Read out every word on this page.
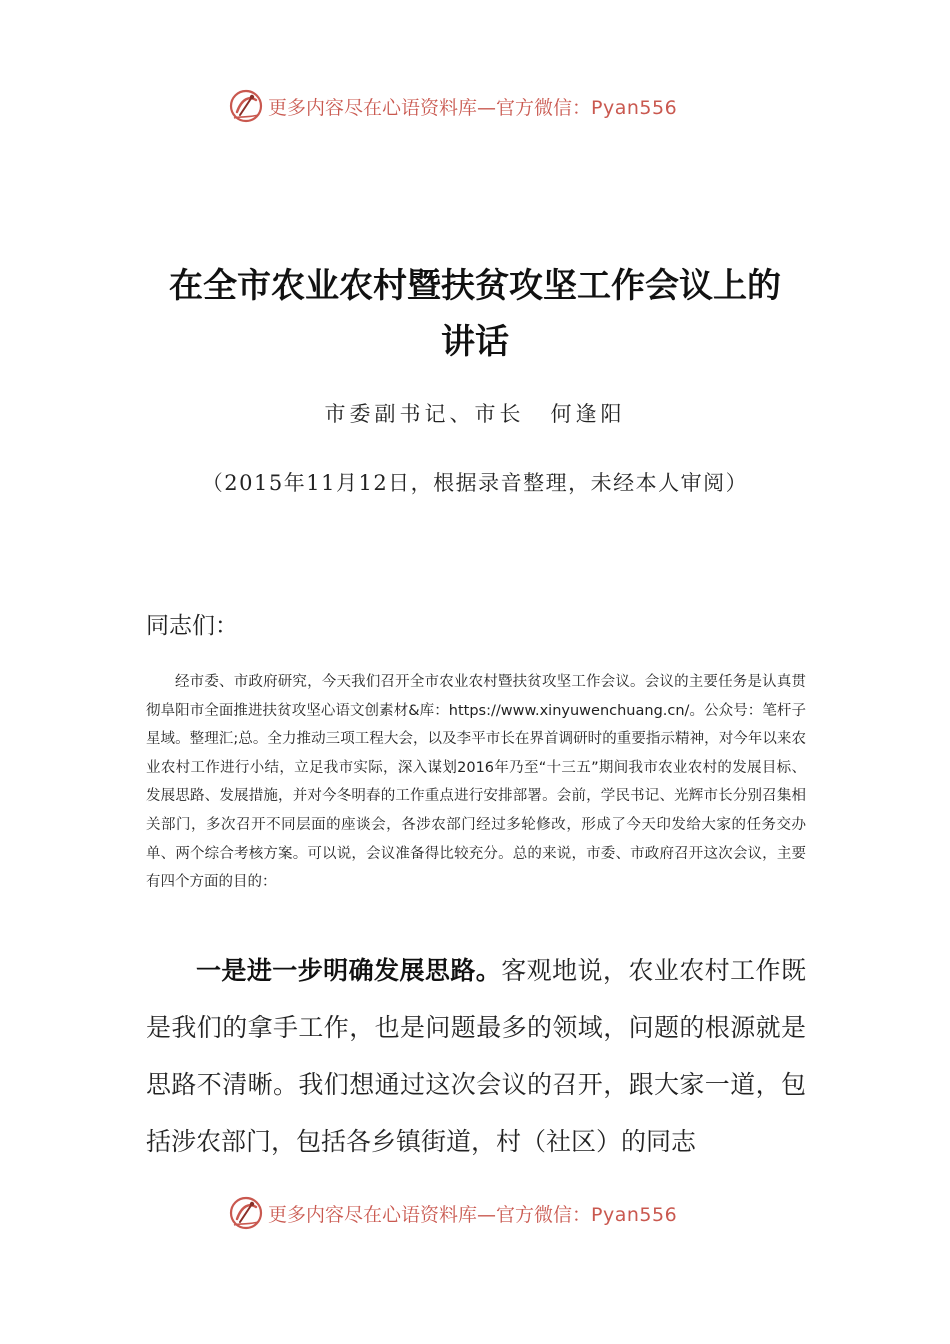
更多内容尽在心语资料库—官方微信：Pyan556
在全市农业农村暨扶贫攻坚工作会议上的
讲话
市委副书记、市长 何逢阳
（2015年11月12日，根据录音整理，未经本人审阅）
同志们：
经市委、市政府研究，今天我们召开全市农业农村暨扶贫攻坚工作会议。会议的主要任务是认真贯彻阜阳市全面推进扶贫攻坚心语文创素材&库：https://www.xinyuwenchuang.cn/。公众号：笔杆子星域。整理汇;总。全力推动三项工程大会，以及李平市长在界首调研时的重要指示精神，对今年以来农业农村工作进行小结，立足我市实际，深入谋划2016年乃至“十三五”期间我市农业农村的发展目标、发展思路、发展措施，并对今冬明春的工作重点进行安排部署。会前，学民书记、光辉市长分别召集相关部门，多次召开不同层面的座谈会，各涉农部门经过多轮修改，形成了今天印发给大家的任务交办单、两个综合考核方案。可以说，会议准备得比较充分。总的来说，市委、市政府召开这次会议，主要有四个方面的目的：
一是进一步明确发展思路。客观地说，农业农村工作既是我们的拿手工作，也是问题最多的领域，问题的根源就是思路不清晰。我们想通过这次会议的召开，跟大家一道，包括涉农部门，包括各乡镇街道，村（社区）的同志
更多内容尽在心语资料库—官方微信：Pyan556
